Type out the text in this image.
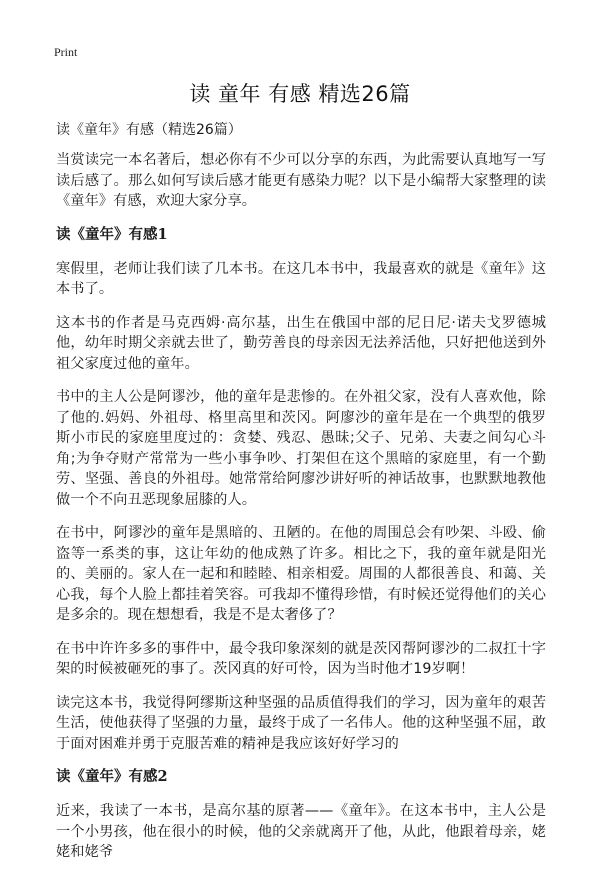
Print
读 童年 有感 精选26篇
读《童年》有感（精选26篇）

当赏读完一本名著后，想必你有不少可以分享的东西，为此需要认真地写一写读后感了。那么如何写读后感才能更有感染力呢？以下是小编帮大家整理的读《童年》有感，欢迎大家分享。

读《童年》有感1

寒假里，老师让我们读了几本书。在这几本书中，我最喜欢的就是《童年》这本书了。

这本书的作者是马克西姆·高尔基，出生在俄国中部的尼日尼·诺夫戈罗德城他，幼年时期父亲就去世了，勤劳善良的母亲因无法养活他，只好把他送到外祖父家度过他的童年。

书中的主人公是阿谬沙，他的童年是悲惨的。在外祖父家，没有人喜欢他，除了他的.妈妈、外祖母、格里高里和茨冈。阿廖沙的童年是在一个典型的俄罗斯小市民的家庭里度过的：贪婪、残忍、愚昧;父子、兄弟、夫妻之间勾心斗角;为争夺财产常常为一些小事争吵、打架但在这个黑暗的家庭里，有一个勤劳、坚强、善良的外祖母。她常常给阿廖沙讲好听的神话故事，也默默地教他做一个不向丑恶现象屈膝的人。

在书中，阿谬沙的童年是黑暗的、丑陋的。在他的周围总会有吵架、斗殴、偷盗等一系类的事，这让年幼的他成熟了许多。相比之下，我的童年就是阳光的、美丽的。家人在一起和和睦睦、相亲相爱。周围的人都很善良、和蔼、关心我，每个人脸上都挂着笑容。可我却不懂得珍惜，有时候还觉得他们的关心是多余的。现在想想看，我是不是太奢侈了？

在书中许许多多的事件中，最令我印象深刻的就是茨冈帮阿谬沙的二叔扛十字架的时候被砸死的事了。茨冈真的好可怜，因为当时他才19岁啊！

读完这本书，我觉得阿缪斯这种坚强的品质值得我们的学习，因为童年的艰苦生活，使他获得了坚强的力量，最终于成了一名伟人。他的这种坚强不屈，敢于面对困难并勇于克服苦难的精神是我应该好好学习的

读《童年》有感2

近来，我读了一本书，是高尔基的原著——《童年》。在这本书中，主人公是一个小男孩，他在很小的时候，他的父亲就离开了他，从此，他跟着母亲，姥姥和姥爷
